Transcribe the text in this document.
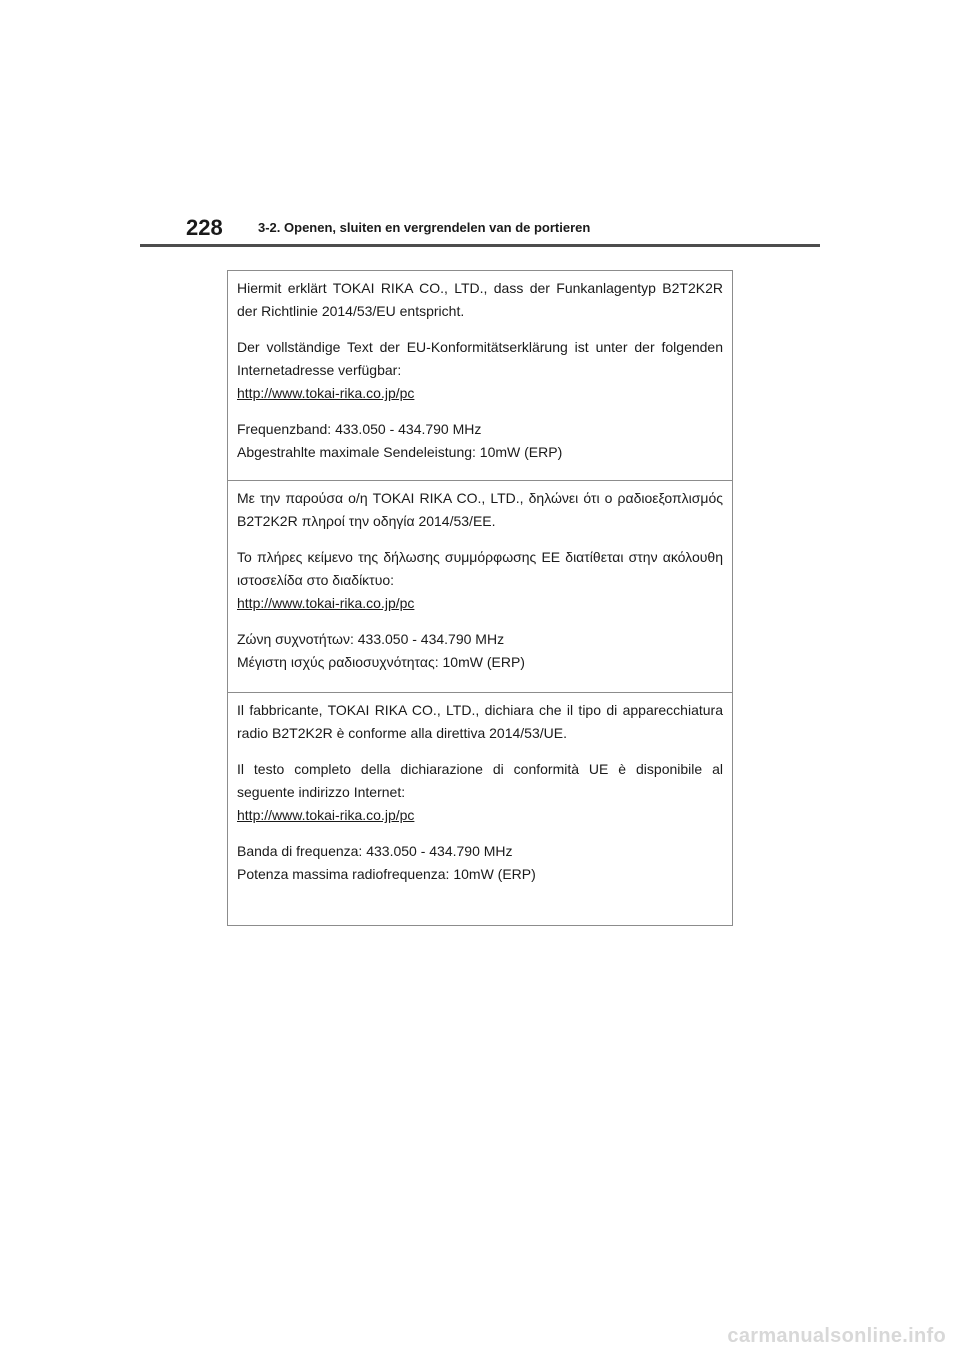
228	3-2. Openen, sluiten en vergrendelen van de portieren

Hiermit erklärt TOKAI RIKA CO., LTD., dass der Funkanlagentyp B2T2K2R der Richtlinie 2014/53/EU entspricht.

Der vollständige Text der EU-Konformitätserklärung ist unter der folgenden Internetadresse verfügbar:
http://www.tokai-rika.co.jp/pc

Frequenzband: 433.050 - 434.790 MHz
Abgestrahlte maximale Sendeleistung: 10mW (ERP)

Με την παρούσα ο/η TOKAI RIKA CO., LTD., δηλώνει ότι ο ραδιοεξοπλισμός B2T2K2R πληροί την οδηγία 2014/53/ΕΕ.

Το πλήρες κείμενο της δήλωσης συμμόρφωσης ΕΕ διατίθεται στην ακόλουθη ιστοσελίδα στο διαδίκτυο:
http://www.tokai-rika.co.jp/pc

Ζώνη συχνοτήτων: 433.050 - 434.790 MHz
Μέγιστη ισχύς ραδιοσυχνότητας: 10mW (ERP)

Il fabbricante, TOKAI RIKA CO., LTD., dichiara che il tipo di apparecchiatura radio B2T2K2R è conforme alla direttiva 2014/53/UE.

Il testo completo della dichiarazione di conformità UE è disponibile al seguente indirizzo Internet:
http://www.tokai-rika.co.jp/pc

Banda di frequenza: 433.050 - 434.790 MHz
Potenza massima radiofrequenza: 10mW (ERP)

carmanualsonline.info
